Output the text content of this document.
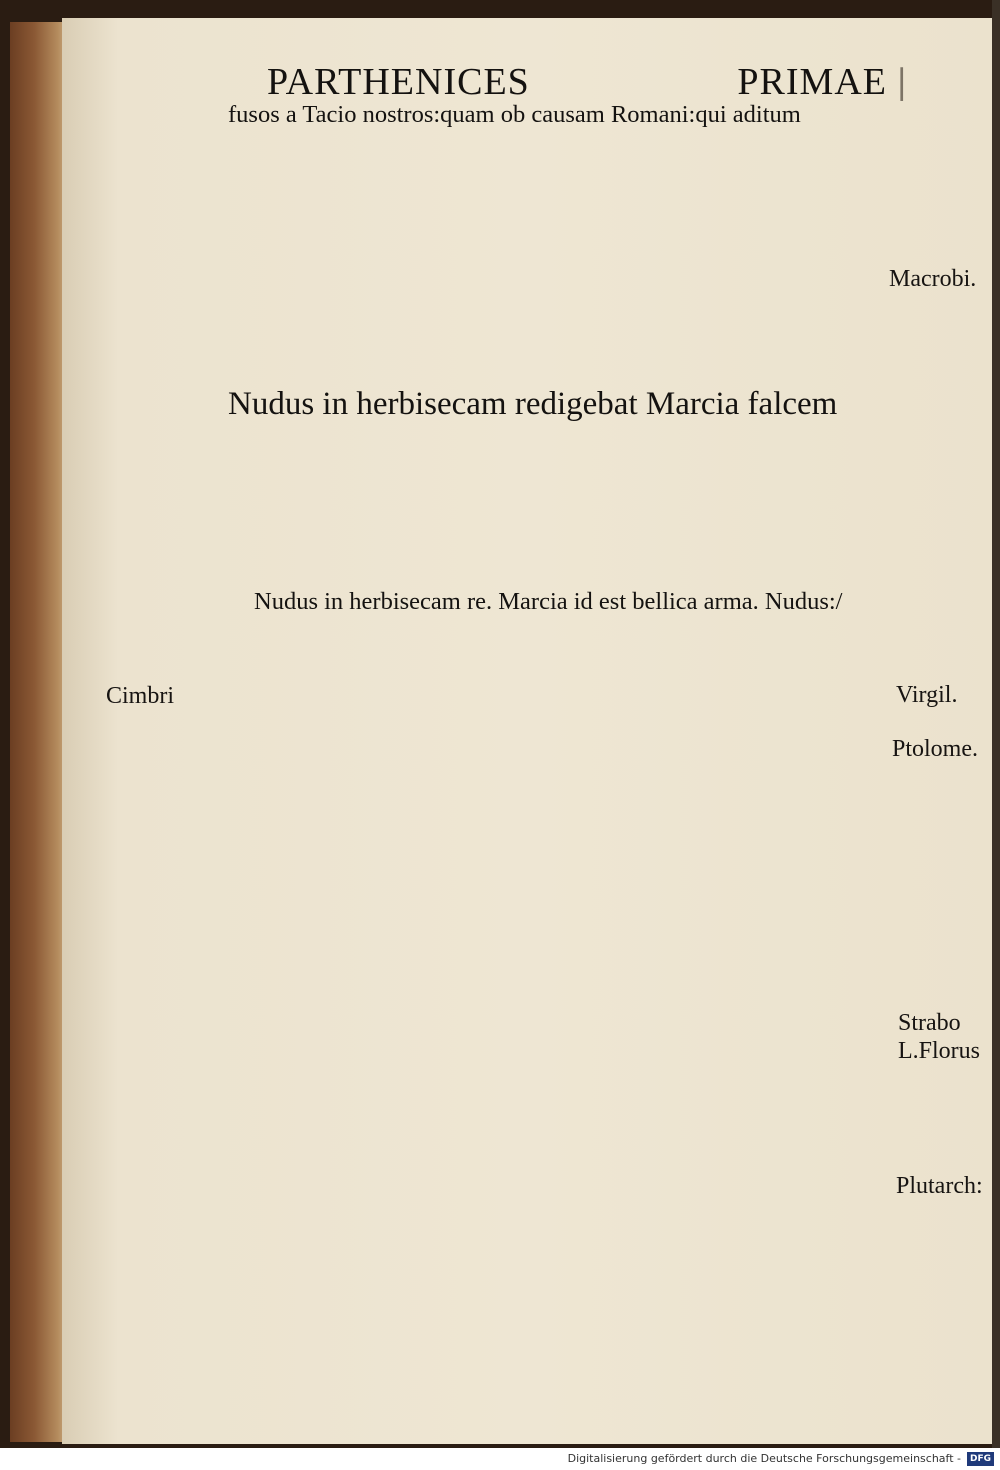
PARTHENICES	PRIMAE |
fusos a Tacio nostros:quam ob causam Romani:qui aditum
Nudus in herbisecam redigebat Marcia falcem
Nudus in herbisecam re. Marcia id est bellica arma. Nudus:/
Macrobi.
Cimbri	Virgil.
Ptolome.
Strabo
L.Florus
Plutarch:
Digitalisierung gefördert durch die Deutsche Forschungsgemeinschaft - DFG
